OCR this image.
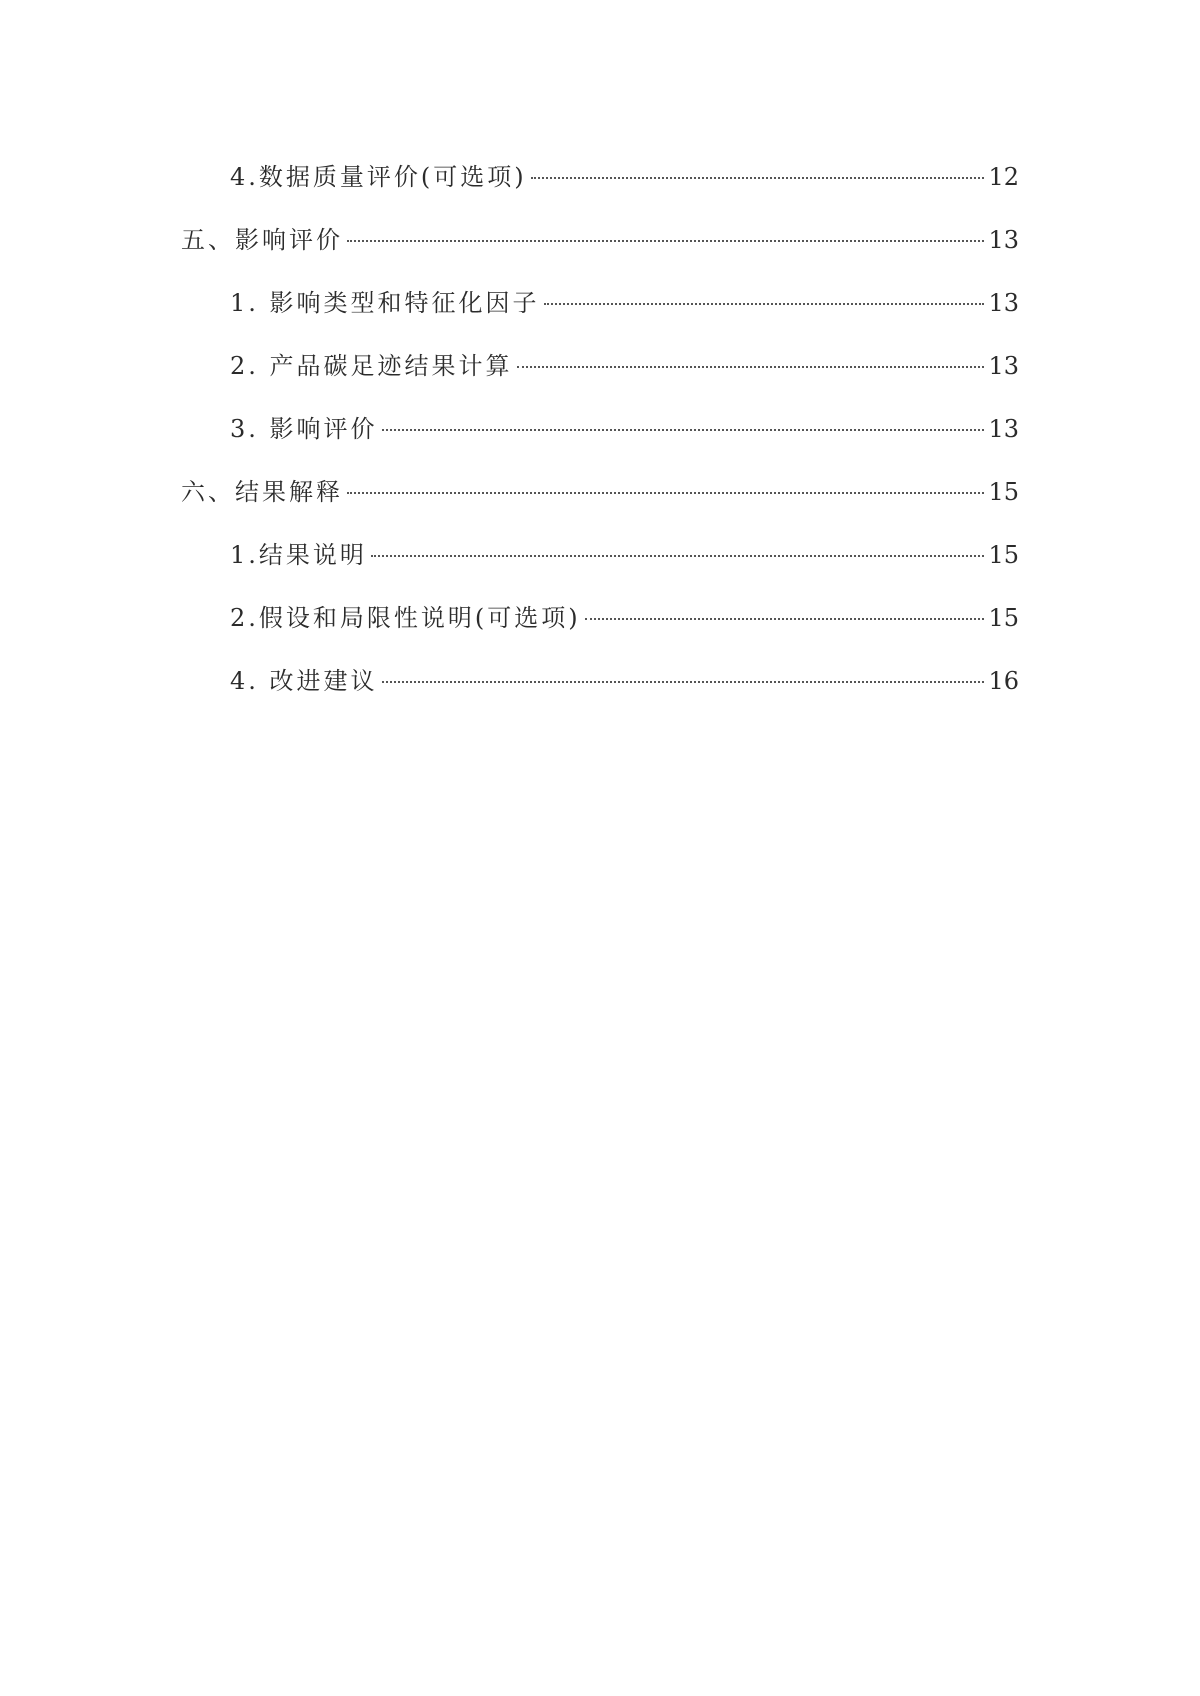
4.数据质量评价(可选项)	12
五、影响评价	13
1. 影响类型和特征化因子	13
2. 产品碳足迹结果计算	13
3. 影响评价	13
六、结果解释	15
1.结果说明	15
2.假设和局限性说明(可选项)	15
4. 改进建议	16
